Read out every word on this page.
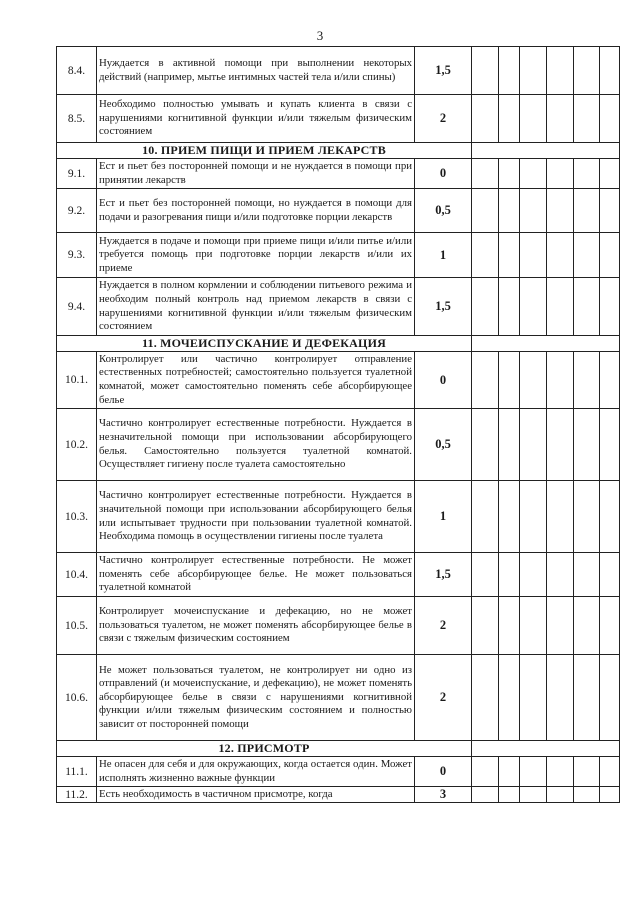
3
8.4.	Нуждается в активной помощи при выполнении некоторых действий (например, мытье интимных частей тела и/или спины)	1,5						
8.5.	Необходимо полностью умывать и купать клиента в связи с нарушениями когнитивной функции и/или тяжелым физическим состоянием	2						
10. ПРИЕМ ПИЩИ И ПРИЕМ ЛЕКАРСТВ								
9.1.	Ест и пьет без посторонней помощи и не нуждается в помощи при принятии лекарств	0						
9.2.	Ест и пьет без посторонней помощи, но нуждается в помощи для подачи и разогревания пищи и/или подготовке порции лекарств	0,5						
9.3.	Нуждается в подаче и помощи при приеме пищи и/или питье и/или требуется помощь при подготовке порции лекарств и/или их приеме	1						
9.4.	Нуждается в полном кормлении и соблюдении питьевого режима и необходим полный контроль над приемом лекарств в связи с нарушениями когнитивной функции и/или тяжелым физическим состоянием	1,5						
11. МОЧЕИСПУСКАНИЕ И ДЕФЕКАЦИЯ								
10.1.	Контролирует или частично контролирует отправление естественных потребностей; самостоятельно пользуется туалетной комнатой, может самостоятельно поменять себе абсорбирующее белье	0						
10.2.	Частично контролирует естественные потребности. Нуждается в незначительной помощи при использовании абсорбирующего белья. Самостоятельно пользуется туалетной комнатой. Осуществляет гигиену после туалета самостоятельно	0,5						
10.3.	Частично контролирует естественные потребности. Нуждается в значительной помощи при использовании абсорбирующего белья или испытывает трудности при пользовании туалетной комнатой. Необходима помощь в осуществлении гигиены после туалета	1						
10.4.	Частично контролирует естественные потребности. Не может поменять себе абсорбирующее белье. Не может пользоваться туалетной комнатой	1,5						
10.5.	Контролирует мочеиспускание и дефекацию, но не может пользоваться туалетом, не может поменять абсорбирующее белье в связи с тяжелым физическим состоянием	2						
10.6.	Не может пользоваться туалетом, не контролирует ни одно из отправлений (и мочеиспускание, и дефекацию), не может поменять абсорбирующее белье в связи с нарушениями когнитивной функции и/или тяжелым физическим состоянием и полностью зависит от посторонней помощи	2						
12. ПРИСМОТР								
11.1.	Не опасен для себя и для окружающих, когда остается один. Может исполнять жизненно важные функции	0						
11.2.	Есть необходимость в частичном присмотре, когда	3						
